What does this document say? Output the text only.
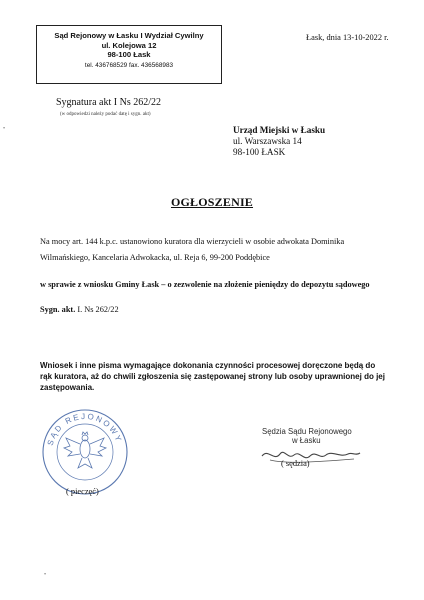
Sąd Rejonowy w Łasku I Wydział Cywilny
ul. Kolejowa 12
98-100 Łask
tel. 436768529 fax. 436568983
Łask, dnia 13-10-2022 r.
Sygnatura akt I Ns 262/22
(w odpowiedzi należy podać datę i sygn. akt)
Urząd Miejski w Łasku
ul. Warszawska 14
98-100 ŁASK
OGŁOSZENIE
Na mocy art. 144 k.p.c. ustanowiono kuratora dla wierzycieli w osobie adwokata Dominika Wilmańskiego, Kancelaria Adwokacka, ul. Reja 6, 99-200 Poddębice
w sprawie z wniosku Gminy Łask – o zezwolenie na złożenie pieniędzy do depozytu sądowego
Sygn. akt. I. Ns 262/22
Wniosek i inne pisma wymagające dokonania czynności procesowej doręczone będą do rąk kuratora, aż do chwili zgłoszenia się zastępowanej strony lub osoby uprawnionej do jej zastępowania.
SĄD REJONOWY
( pieczęć)
Sędzia Sądu Rejonowego
w Łasku
( sędzia)
•
•
